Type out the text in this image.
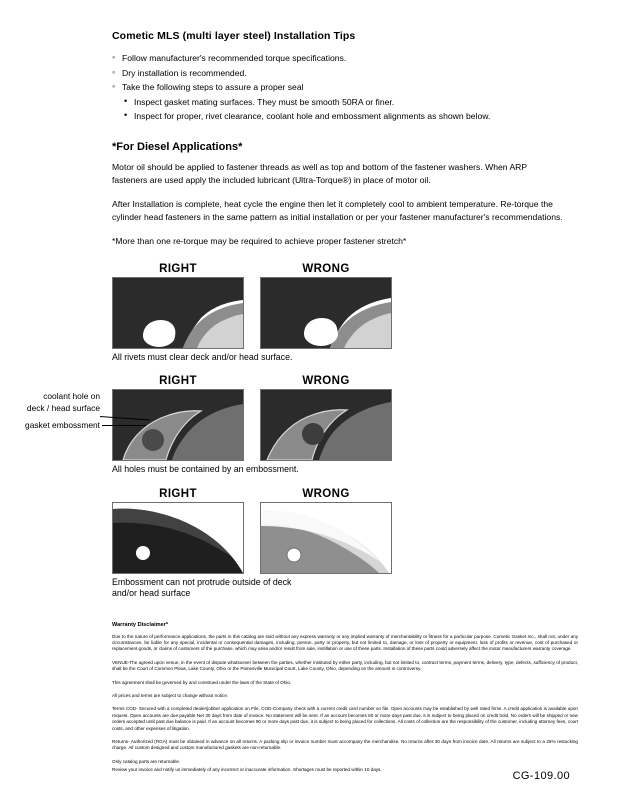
Cometic MLS (multi layer steel) Installation Tips
◦ Follow manufacturer's recommended torque specifications.
◦ Dry installation is recommended.
◦ Take the following steps to assure a proper seal
• Inspect gasket mating surfaces. They must be smooth 50RA or finer.
• Inspect for proper, rivet clearance, coolant hole and embossment alignments as shown below.
*For Diesel Applications*
Motor oil should be applied to fastener threads as well as top and bottom of the fastener washers. When ARP fasteners are used apply the included lubricant (Ultra-Torque®) in place of motor oil.
After Installation is complete, heat cycle the engine then let it completely cool to ambient temperature. Re-torque the cylinder head fasteners in the same pattern as initial installation or per your fastener manufacturer's recommendations.
*More than one re-torque may be required to achieve proper fastener stretch*
RIGHT	WRONG
All rivets must clear deck and/or head surface.
RIGHT	WRONG
All holes must be contained by an embossment.
coolant hole on
deck / head surface
gasket embossment
RIGHT	WRONG
Embossment can not protrude outside of deck
and/or head surface
Warranty Disclaimer*

Due to the nature of performance applications, the parts in this catalog are sold without any express warranty or any implied warranty of merchantability or fitness for a particular purpose. Cometic Gasket Inc., shall not, under any circumstances, be liable for any special, incidental or consequential damages, including, person, party or property, but not limited to, damage, or loss of property or equipment, loss of profits or revenue, cost of purchased or replacement goods, or claims of customers of the purchase, which may arise and/or result from sale, instillation or use of these parts. Installation of these parts could adversely affect the motor manufacturers warranty coverage.

VENUE-The agreed upon venue, in the event of dispute whatsoever between the parties, whether instituted by either party, including, but not limited to, contract terms, payment terms, delivery, type, defects, sufficiency of product, shall be the Court of Common Pleas, Lake County, Ohio or the Painesville Municipal Court, Lake County, Ohio, depending on the amount in controversy.

This agreement shall be governed by and construed under the laws of the State of Ohio.

All prices and terms are subject to change without notice.

Terms COD- Secured with a completed dealer/jobber application on File, COD-Company check with a current credit card number on file. Open accounts may be established by well rated firms. A credit application is available upon request. Open accounts are due payable Net 30 days from date of invoice. No statement will be sent. If an account becomes 60 or more days past due, it is subject to being placed on credit hold. No orders will be shipped or new orders accepted until past due balance is paid. If an account becomes 90 or more days past due, it is subject to being placed for collections. All costs of collection are the responsibility of the customer, including attorney fees, court costs, and other expenses of litigation.

Returns- Authorized (RGA) must be obtained in advance on all returns. A packing slip or invoice number must accompany the merchandise. No returns after 30 days from invoice date. All returns are subject to a 25% restocking charge. All custom designed and custom manufactured gaskets are non-returnable.

Only catalog parts are returnable.

Review your invoice and notify us immediately of any incorrect or inaccurate information. Shortages must be reported within 10 days.

CG-109.00
